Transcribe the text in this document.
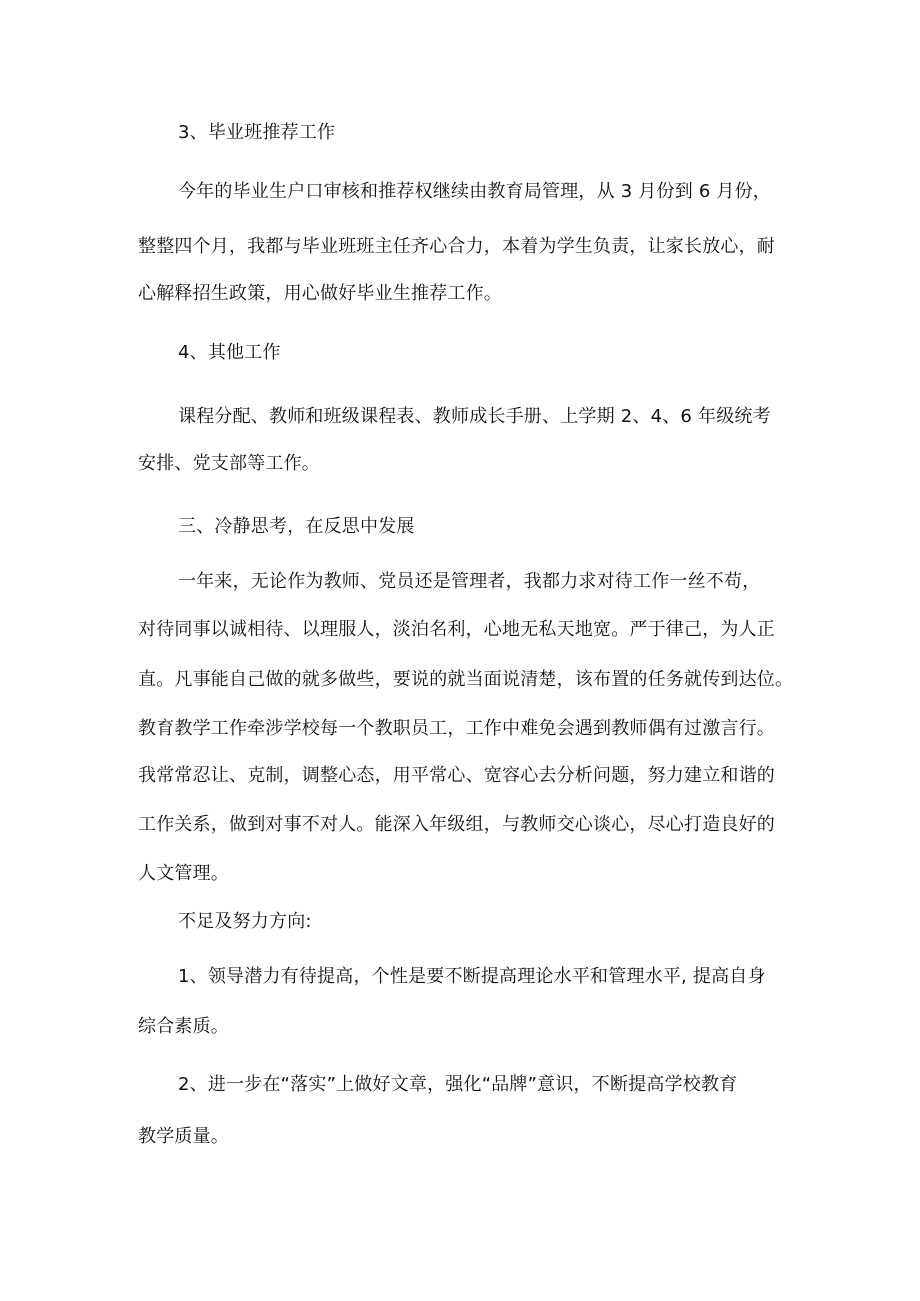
3、毕业班推荐工作
今年的毕业生户口审核和推荐权继续由教育局管理，从 3 月份到 6 月份，
整整四个月，我都与毕业班班主任齐心合力，本着为学生负责，让家长放心，耐
心解释招生政策，用心做好毕业生推荐工作。
4、其他工作
课程分配、教师和班级课程表、教师成长手册、上学期 2、4、6 年级统考
安排、党支部等工作。
三、冷静思考，在反思中发展
一年来，无论作为教师、党员还是管理者，我都力求对待工作一丝不苟，
对待同事以诚相待、以理服人，淡泊名利，心地无私天地宽。严于律己，为人正
直。凡事能自己做的就多做些，要说的就当面说清楚，该布置的任务就传到达位。
教育教学工作牵涉学校每一个教职员工，工作中难免会遇到教师偶有过激言行。
我常常忍让、克制，调整心态，用平常心、宽容心去分析问题，努力建立和谐的
工作关系，做到对事不对人。能深入年级组，与教师交心谈心，尽心打造良好的
人文管理。
不足及努力方向:
1、领导潜力有待提高，个性是要不断提高理论水平和管理水平, 提高自身
综合素质。
2、进一步在“落实”上做好文章，强化“品牌”意识，不断提高学校教育
教学质量。
